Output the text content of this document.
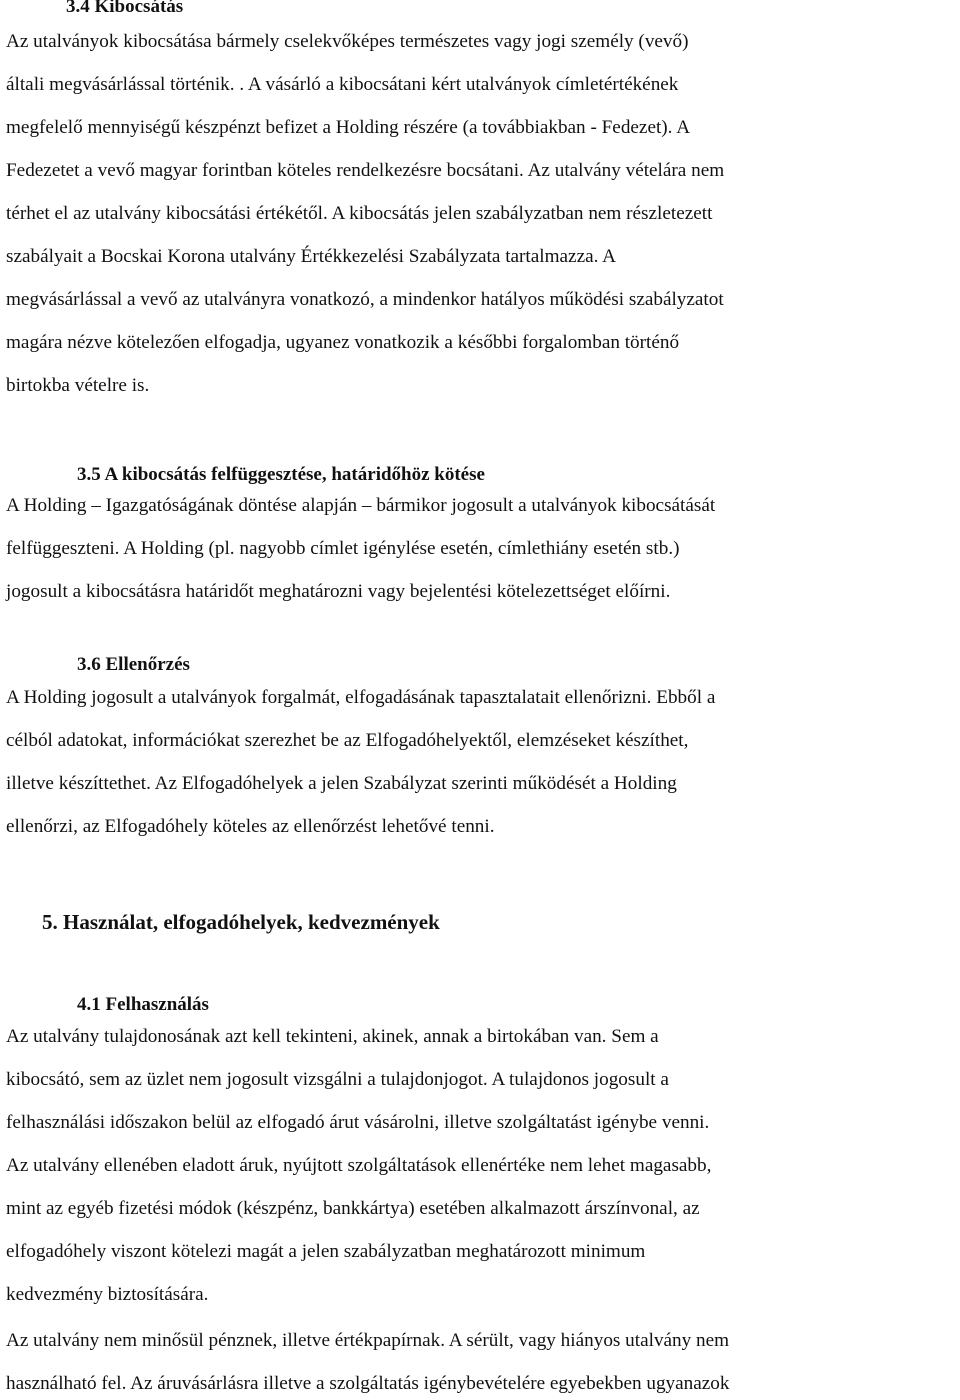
3.4 Kibocsátás
Az utalványok kibocsátása bármely cselekvőképes természetes vagy jogi személy (vevő)
általi megvásárlással történik. . A vásárló a kibocsátani kért utalványok címletértékének
megfelelő mennyiségű készpénzt befizet a Holding részére (a továbbiakban - Fedezet). A
Fedezetet a vevő magyar forintban köteles rendelkezésre bocsátani. Az utalvány vételára nem
térhet el az utalvány kibocsátási értékétől. A kibocsátás jelen szabályzatban nem részletezett
szabályait a Bocskai Korona utalvány Értékkezelési Szabályzata tartalmazza. A
megvásárlással a vevő az utalványra vonatkozó, a mindenkor hatályos működési szabályzatot
magára nézve kötelezően elfogadja, ugyanez vonatkozik a későbbi forgalomban történő
birtokba vételre is.
3.5 A kibocsátás felfüggesztése, határidőhöz kötése
A Holding – Igazgatóságának döntése alapján – bármikor jogosult a utalványok kibocsátását
felfüggeszteni. A Holding (pl. nagyobb címlet igénylése esetén, címlethiány esetén stb.)
jogosult a kibocsátásra határidőt meghatározni vagy bejelentési kötelezettséget előírni.
3.6 Ellenőrzés
A Holding jogosult a utalványok forgalmát, elfogadásának tapasztalatait ellenőrizni. Ebből a
célból adatokat, információkat szerezhet be az Elfogadóhelyektől, elemzéseket készíthet,
illetve készíttethet. Az Elfogadóhelyek a jelen Szabályzat szerinti működését a Holding
ellenőrzi, az Elfogadóhely köteles az ellenőrzést lehetővé tenni.
5. Használat, elfogadóhelyek, kedvezmények
4.1 Felhasználás
Az utalvány tulajdonosának azt kell tekinteni, akinek, annak a birtokában van. Sem a
kibocsátó, sem az üzlet nem jogosult vizsgálni a tulajdonjogot. A tulajdonos jogosult a
felhasználási időszakon belül az elfogadó árut vásárolni, illetve szolgáltatást igénybe venni.
Az utalvány ellenében eladott áruk, nyújtott szolgáltatások ellenértéke nem lehet magasabb,
mint az egyéb fizetési módok (készpénz, bankkártya) esetében alkalmazott árszínvonal, az
elfogadóhely viszont kötelezi magát a jelen szabályzatban meghatározott minimum
kedvezmény biztosítására.
Az utalvány nem minősül pénznek, illetve értékpapírnak. A sérült, vagy hiányos utalvány nem
használható fel. Az áruvásárlásra illetve a szolgáltatás igénybevételére egyebekben ugyanazok
